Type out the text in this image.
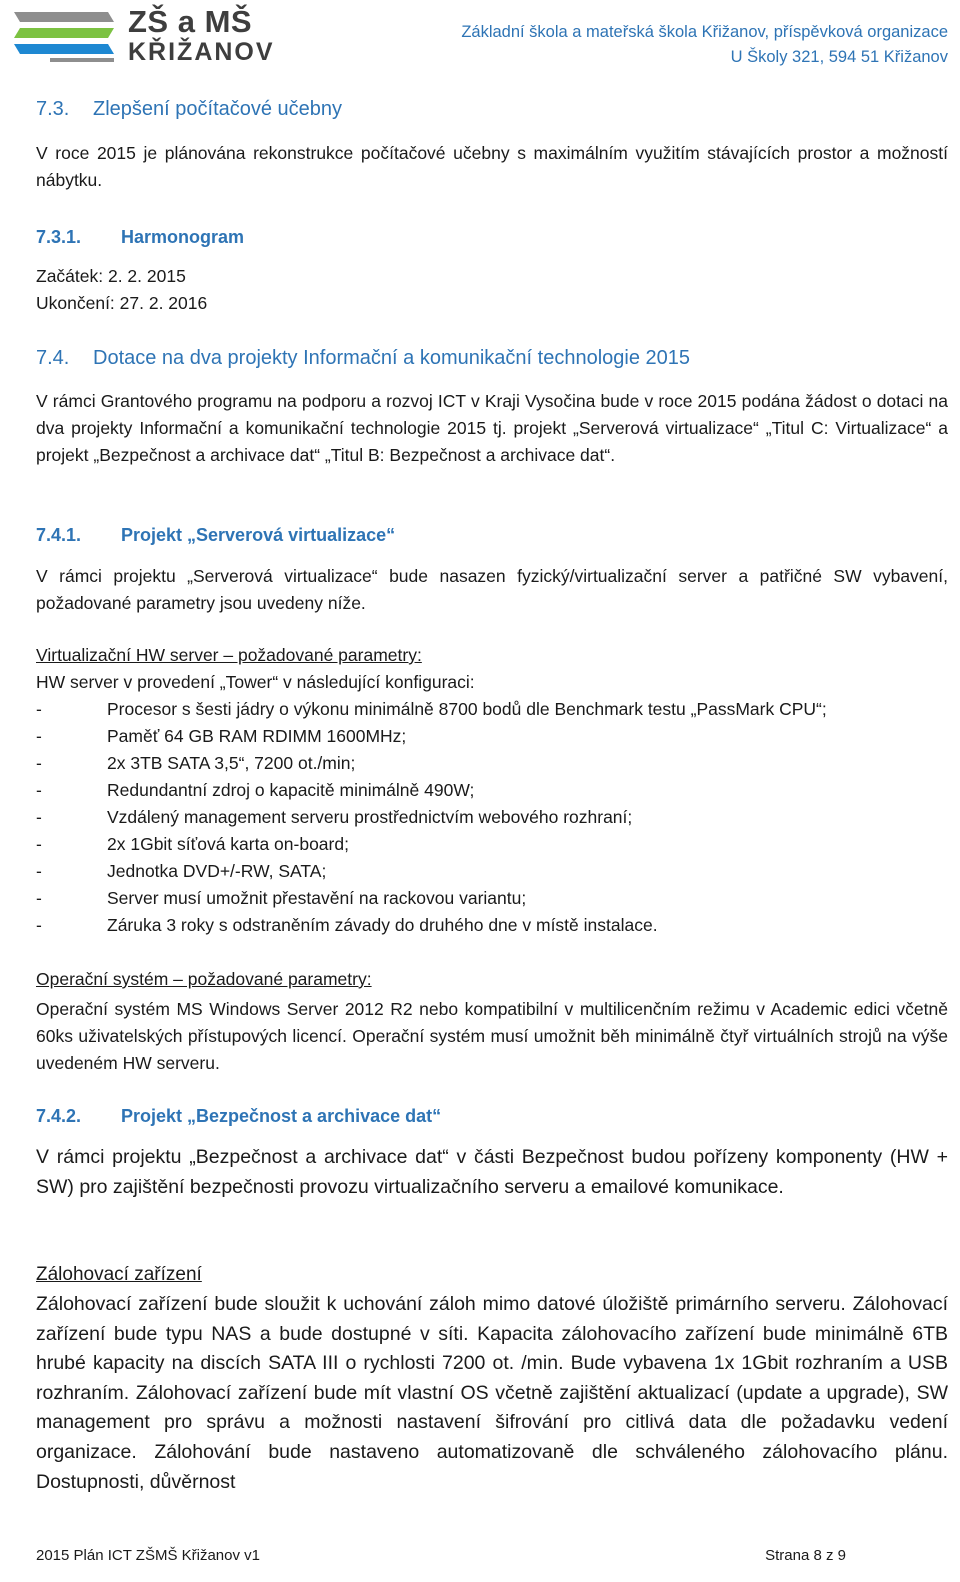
ZŠ a MŠ
KŘIŽANOV
Základní škola a mateřská škola Křižanov, příspěvková organizace
U Školy 321, 594 51 Křižanov
7.3. Zlepšení počítačové učebny
V roce 2015 je plánována rekonstrukce počítačové učebny s maximálním využitím stávajících prostor a možností nábytku.
7.3.1. Harmonogram
Začátek: 2. 2. 2015
Ukončení: 27. 2. 2016
7.4. Dotace na dva projekty Informační a komunikační technologie 2015
V rámci Grantového programu na podporu a rozvoj ICT v Kraji Vysočina bude v roce 2015 podána žádost o dotaci na dva projekty Informační a komunikační technologie 2015 tj. projekt „Serverová virtualizace“ „Titul C: Virtualizace“ a projekt „Bezpečnost a archivace dat“ „Titul B: Bezpečnost a archivace dat“.
7.4.1. Projekt „Serverová virtualizace“
V rámci projektu „Serverová virtualizace“ bude nasazen fyzický/virtualizační server a patřičné SW vybavení, požadované parametry jsou uvedeny níže.
Virtualizační HW server – požadované parametry:
HW server v provedení „Tower“ v následující konfiguraci:
-	Procesor s šesti jádry o výkonu minimálně 8700 bodů dle Benchmark testu „PassMark CPU“;
-	Paměť 64 GB RAM RDIMM 1600MHz;
-	2x 3TB SATA 3,5“, 7200 ot./min;
-	Redundantní zdroj o kapacitě minimálně 490W;
-	Vzdálený management serveru prostřednictvím webového rozhraní;
-	2x 1Gbit síťová karta on-board;
-	Jednotka DVD+/-RW, SATA;
-	Server musí umožnit přestavění na rackovou variantu;
-	Záruka 3 roky s odstraněním závady do druhého dne v místě instalace.
Operační systém – požadované parametry:
Operační systém MS Windows Server 2012 R2 nebo kompatibilní v multilicenčním režimu v Academic edici včetně 60ks uživatelských přístupových licencí. Operační systém musí umožnit běh minimálně čtyř virtuálních strojů na výše uvedeném HW serveru.
7.4.2. Projekt „Bezpečnost a archivace dat“
V rámci projektu „Bezpečnost a archivace dat“ v části Bezpečnost budou pořízeny komponenty (HW + SW) pro zajištění bezpečnosti provozu virtualizačního serveru a emailové komunikace.
Zálohovací zařízení
Zálohovací zařízení bude sloužit k uchování záloh mimo datové úložiště primárního serveru. Zálohovací zařízení bude typu NAS a bude dostupné v síti. Kapacita zálohovacího zařízení bude minimálně 6TB hrubé kapacity na discích SATA III o rychlosti 7200 ot. /min. Bude vybavena 1x 1Gbit rozhraním a USB rozhraním. Zálohovací zařízení bude mít vlastní OS včetně zajištění aktualizací (update a upgrade), SW management pro správu a možnosti nastavení šifrování pro citlivá data dle požadavku vedení organizace. Zálohování bude nastaveno automatizovaně dle schváleného zálohovacího plánu. Dostupnosti, důvěrnost
2015 Plán ICT ZŠMŠ Křižanov v1	Strana 8 z 9
